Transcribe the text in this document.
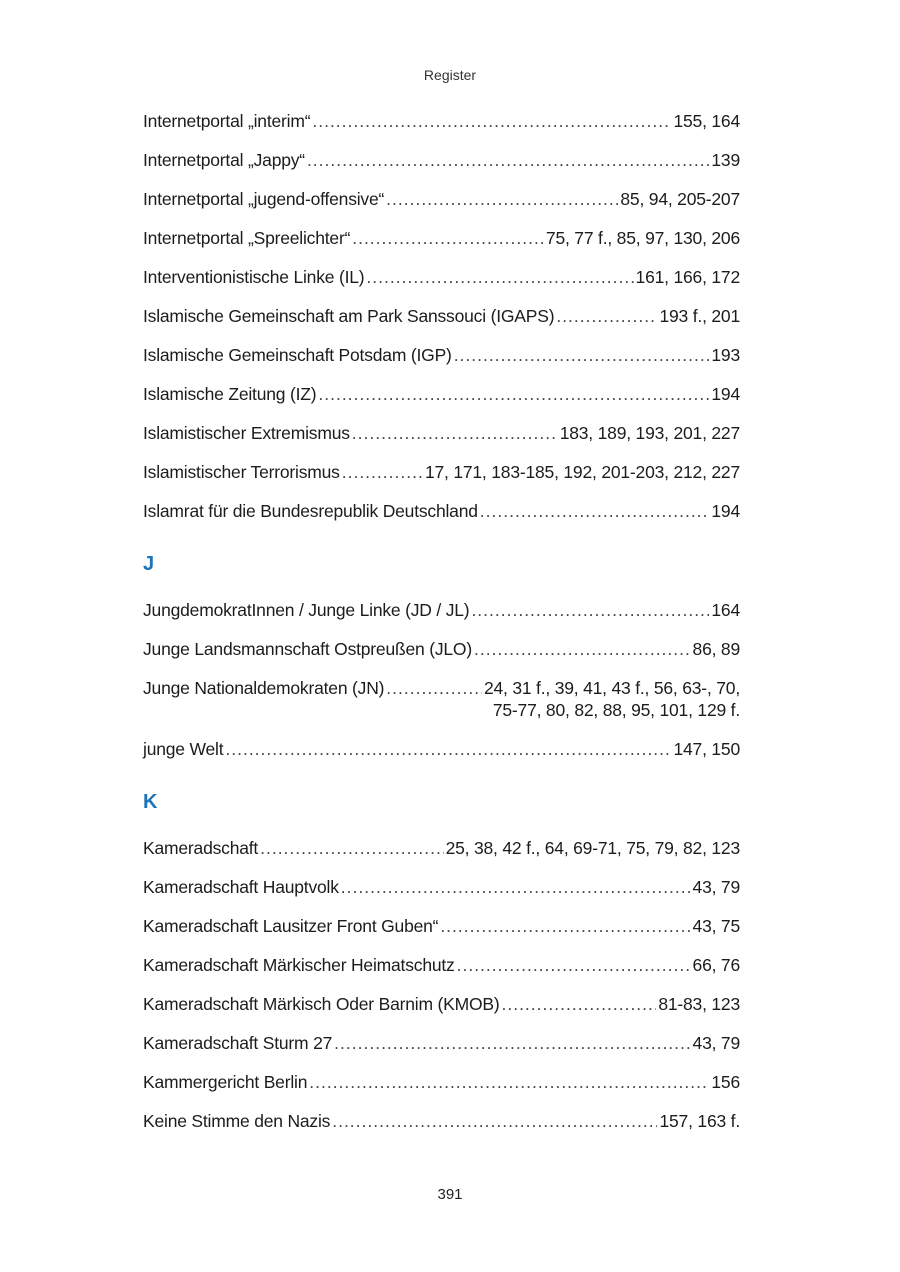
Register
Internetportal „interim“ .....	155, 164
Internetportal „Jappy“ .....	139
Internetportal „jugend-offensive“ .....	85, 94, 205-207
Internetportal „Spreelichter“ .....	75, 77 f., 85, 97, 130, 206
Interventionistische Linke (IL) .....	161, 166, 172
Islamische Gemeinschaft am Park Sanssouci (IGAPS) .....	193 f., 201
Islamische Gemeinschaft Potsdam (IGP) .....	193
Islamische Zeitung (IZ) .....	194
Islamistischer Extremismus .....	183, 189, 193, 201, 227
Islamistischer Terrorismus .....	17, 171, 183-185, 192, 201-203, 212, 227
Islamrat für die Bundesrepublik Deutschland .....	194
J
JungdemokratInnen / Junge Linke (JD / JL) .....	164
Junge Landsmannschaft Ostpreußen (JLO) .....	86, 89
Junge Nationaldemokraten (JN) .....	24, 31 f., 39, 41, 43 f., 56, 63-, 70,
75-77, 80, 82, 88, 95, 101, 129 f.
junge Welt .....	147, 150
K
Kameradschaft .....	25, 38, 42 f., 64, 69-71, 75, 79, 82, 123
Kameradschaft Hauptvolk .....	43, 79
Kameradschaft Lausitzer Front Guben“ .....	43, 75
Kameradschaft Märkischer Heimatschutz .....	66, 76
Kameradschaft Märkisch Oder Barnim (KMOB) .....	81-83, 123
Kameradschaft Sturm 27 .....	43, 79
Kammergericht Berlin .....	156
Keine Stimme den Nazis .....	157, 163 f.
391
